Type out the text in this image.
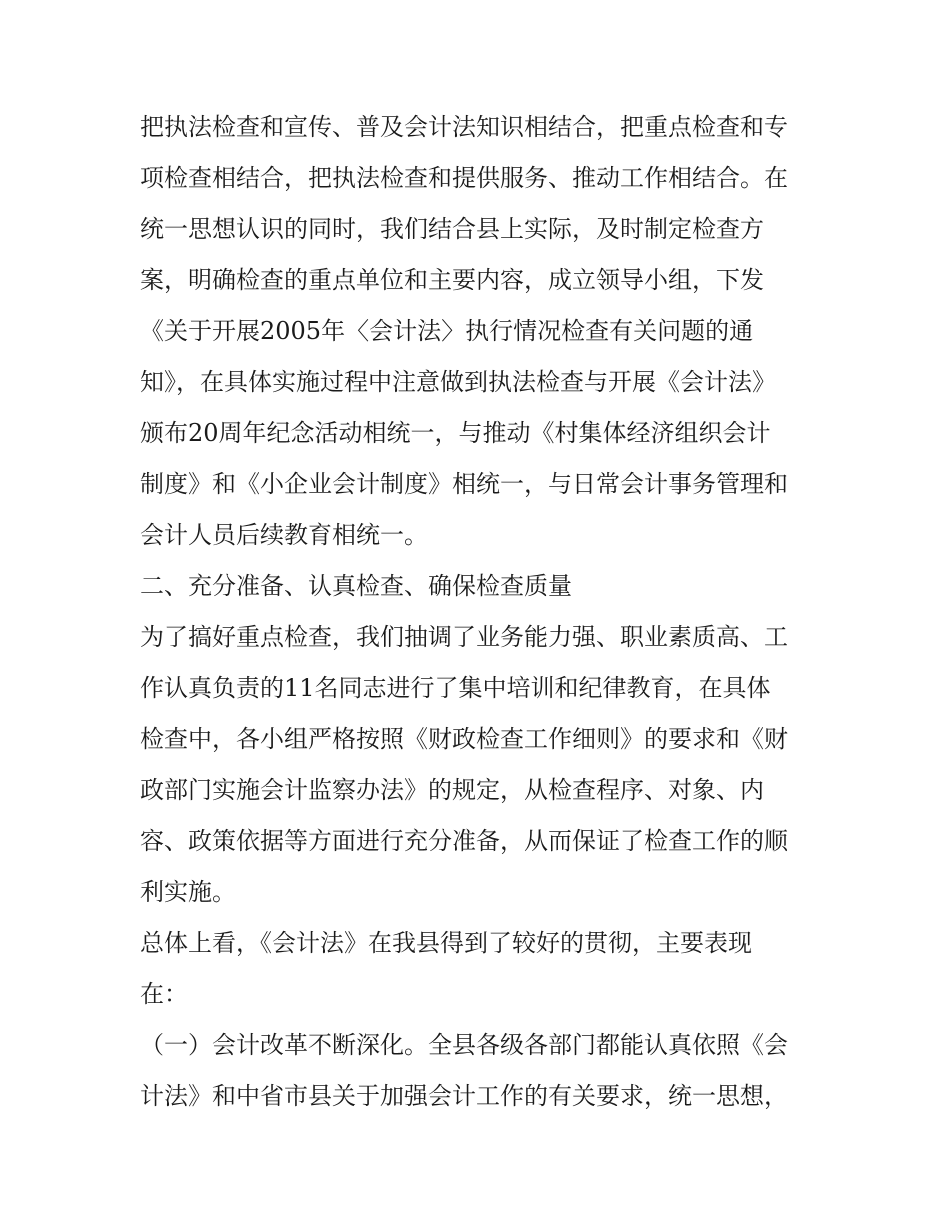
把执法检查和宣传、普及会计法知识相结合，把重点检查和专
项检查相结合，把执法检查和提供服务、推动工作相结合。在
统一思想认识的同时，我们结合县上实际，及时制定检查方
案，明确检查的重点单位和主要内容，成立领导小组，下发
《关于开展2005年〈会计法〉执行情况检查有关问题的通
知》，在具体实施过程中注意做到执法检查与开展《会计法》
颁布20周年纪念活动相统一，与推动《村集体经济组织会计
制度》和《小企业会计制度》相统一，与日常会计事务管理和
会计人员后续教育相统一。
二、充分准备、认真检查、确保检查质量
为了搞好重点检查，我们抽调了业务能力强、职业素质高、工
作认真负责的11名同志进行了集中培训和纪律教育，在具体
检查中，各小组严格按照《财政检查工作细则》的要求和《财
政部门实施会计监察办法》的规定，从检查程序、对象、内
容、政策依据等方面进行充分准备，从而保证了检查工作的顺
利实施。
总体上看，《会计法》在我县得到了较好的贯彻，主要表现
在：
（一）会计改革不断深化。全县各级各部门都能认真依照《会
计法》和中省市县关于加强会计工作的有关要求，统一思想，
